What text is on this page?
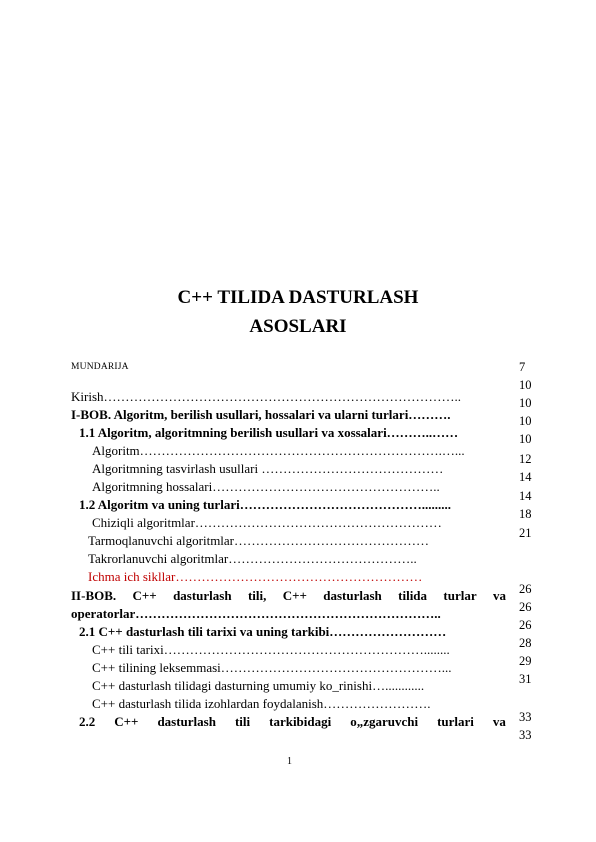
C++ TILIDA DASTURLASH
ASOSLARI
MUNDARIJA
Kirish………………………………………………………………………..
I-BOB. Algoritm, berilish usullari, hossalari va ularni turlari……….
1.1 Algoritm, algoritmning berilish usullari va xossalari………..……
Algoritm…………………………………………………………….…...
Algoritmning tasvirlash usullari ……………………………………
Algoritmning hossalari……………………………………………..
1.2 Algoritm va uning turlari…………………………………….........
Chiziqli algoritmlar…………………………………………………
Tarmoqlanuvchi algoritmlar………………………………………
Takrorlanuvchi algoritmlar……………………………………..
Ichma ich sikllar…………………………………………………
II-BOB. C++ dasturlash tili, C++ dasturlash tilida turlar va
operatorlar……………………………………………………………..
2.1 C++ dasturlash tili tarixi va uning tarkibi………………………
C++ tili tarixi……………………………………………………........
C++ tilining leksemmasi……………………………………………...
C++ dasturlash tilidagi dasturning umumiy ko_rinishi…............
C++ dasturlash tilida izohlardan foydalanish…………………….
2.2 C++ dasturlash tili tarkibidagi o„zgaruvchi turlari va
7
10
10
10
10
12
14
14
18
21
26
26
26
28
29
31
33
33
1
